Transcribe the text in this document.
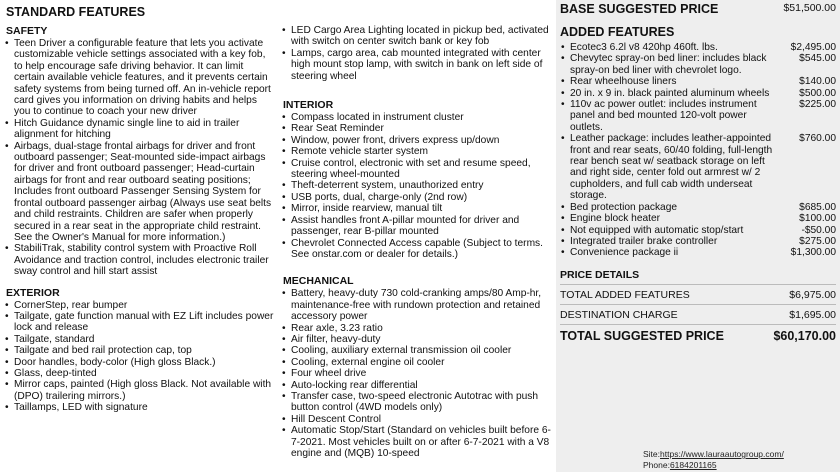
STANDARD FEATURES
SAFETY
• Teen Driver a configurable feature that lets you activate customizable vehicle settings associated with a key fob, to help encourage safe driving behavior. It can limit certain available vehicle features, and it prevents certain safety systems from being turned off. An in-vehicle report card gives you information on driving habits and helps you to continue to coach your new driver
• Hitch Guidance dynamic single line to aid in trailer alignment for hitching
• Airbags, dual-stage frontal airbags for driver and front outboard passenger; Seat-mounted side-impact airbags for driver and front outboard passenger; Head-curtain airbags for front and rear outboard seating positions; Includes front outboard Passenger Sensing System for frontal outboard passenger airbag (Always use seat belts and child restraints. Children are safer when properly secured in a rear seat in the appropriate child restraint. See the Owner's Manual for more information.)
• StabiliTrak, stability control system with Proactive Roll Avoidance and traction control, includes electronic trailer sway control and hill start assist
EXTERIOR
• CornerStep, rear bumper
• Tailgate, gate function manual with EZ Lift includes power lock and release
• Tailgate, standard
• Tailgate and bed rail protection cap, top
• Door handles, body-color (High gloss Black.)
• Glass, deep-tinted
• Mirror caps, painted (High gloss Black. Not available with (DPO) trailering mirrors.)
• Taillamps, LED with signature
• LED Cargo Area Lighting located in pickup bed, activated with switch on center switch bank or key fob
• Lamps, cargo area, cab mounted integrated with center high mount stop lamp, with switch in bank on left side of steering wheel
INTERIOR
• Compass located in instrument cluster
• Rear Seat Reminder
• Window, power front, drivers express up/down
• Remote vehicle starter system
• Cruise control, electronic with set and resume speed, steering wheel-mounted
• Theft-deterrent system, unauthorized entry
• USB ports, dual, charge-only (2nd row)
• Mirror, inside rearview, manual tilt
• Assist handles front A-pillar mounted for driver and passenger, rear B-pillar mounted
• Chevrolet Connected Access capable (Subject to terms. See onstar.com or dealer for details.)
MECHANICAL
• Battery, heavy-duty 730 cold-cranking amps/80 Amp-hr, maintenance-free with rundown protection and retained accessory power
• Rear axle, 3.23 ratio
• Air filter, heavy-duty
• Cooling, auxiliary external transmission oil cooler
• Cooling, external engine oil cooler
• Four wheel drive
• Auto-locking rear differential
• Transfer case, two-speed electronic Autotrac with push button control (4WD models only)
• Hill Descent Control
• Automatic Stop/Start (Standard on vehicles built before 6-7-2021. Most vehicles built on or after 6-7-2021 with a V8 engine and (MQB) 10-speed
BASE SUGGESTED PRICE	$51,500.00
ADDED FEATURES
• Ecotec3 6.2l v8 420hp 460ft. lbs.	$2,495.00
• Chevytec spray-on bed liner: includes black spray-on bed liner with chevrolet logo.
$545.00
• Rear wheelhouse liners	$140.00
• 20 in. x 9 in. black painted aluminum wheels	$500.00
• 110v ac power outlet: includes instrument panel and bed mounted 120-volt power outlets.
$225.00
• Leather package: includes leather-appointed front and rear seats, 60/40 folding, full-length rear bench seat w/ seatback storage on left and right side, center fold out armrest w/ 2 cupholders, and full cab width underseat storage.
$760.00
• Bed protection package	$685.00
• Engine block heater	$100.00
• Not equipped with automatic stop/start	-$50.00
• Integrated trailer brake controller	$275.00
• Convenience package ii	$1,300.00
PRICE DETAILS
TOTAL ADDED FEATURES	$6,975.00
DESTINATION CHARGE	$1,695.00
TOTAL SUGGESTED PRICE	$60,170.00
Site:https://www.lauraautogroup.com/
Phone:6184201165
